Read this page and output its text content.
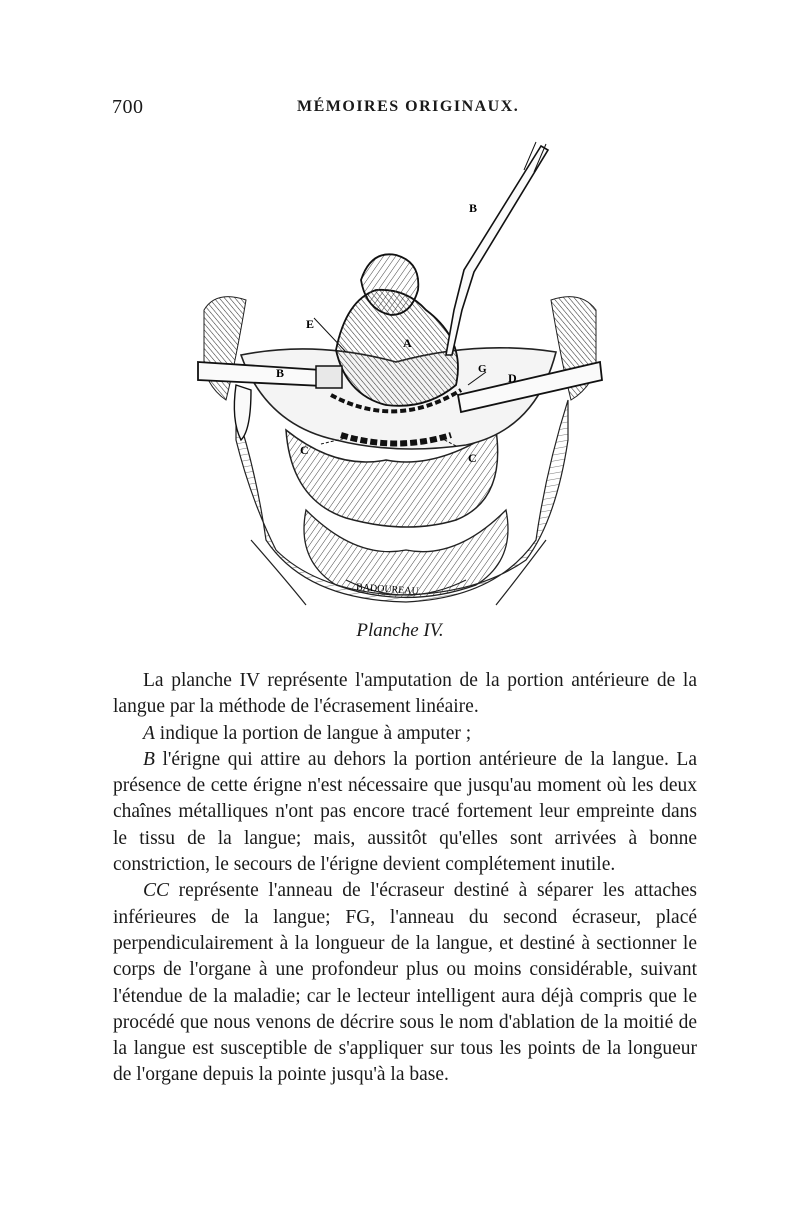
700	MÉMOIRES ORIGINAUX.
B
E
A
B	G
D
C
C
BADOUREAU.
Planche IV.

La planche IV représente l'amputation de la portion antérieure de la langue par la méthode de l'écrasement linéaire.

A indique la portion de langue à amputer ;

B l'érigne qui attire au dehors la portion antérieure de la langue. La présence de cette érigne n'est nécessaire que jusqu'au moment où les deux chaînes métalliques n'ont pas encore tracé fortement leur empreinte dans le tissu de la langue; mais, aussitôt qu'elles sont arrivées à bonne constriction, le secours de l'érigne devient complétement inutile.

CC représente l'anneau de l'écraseur destiné à séparer les attaches inférieures de la langue; FG, l'anneau du second écraseur, placé perpendiculairement à la longueur de la langue, et destiné à sectionner le corps de l'organe à une profondeur plus ou moins considérable, suivant l'étendue de la maladie; car le lecteur intelligent aura déjà compris que le procédé que nous venons de décrire sous le nom d'ablation de la moitié de la langue est susceptible de s'appliquer sur tous les points de la longueur de l'organe depuis la pointe jusqu'à la base.
